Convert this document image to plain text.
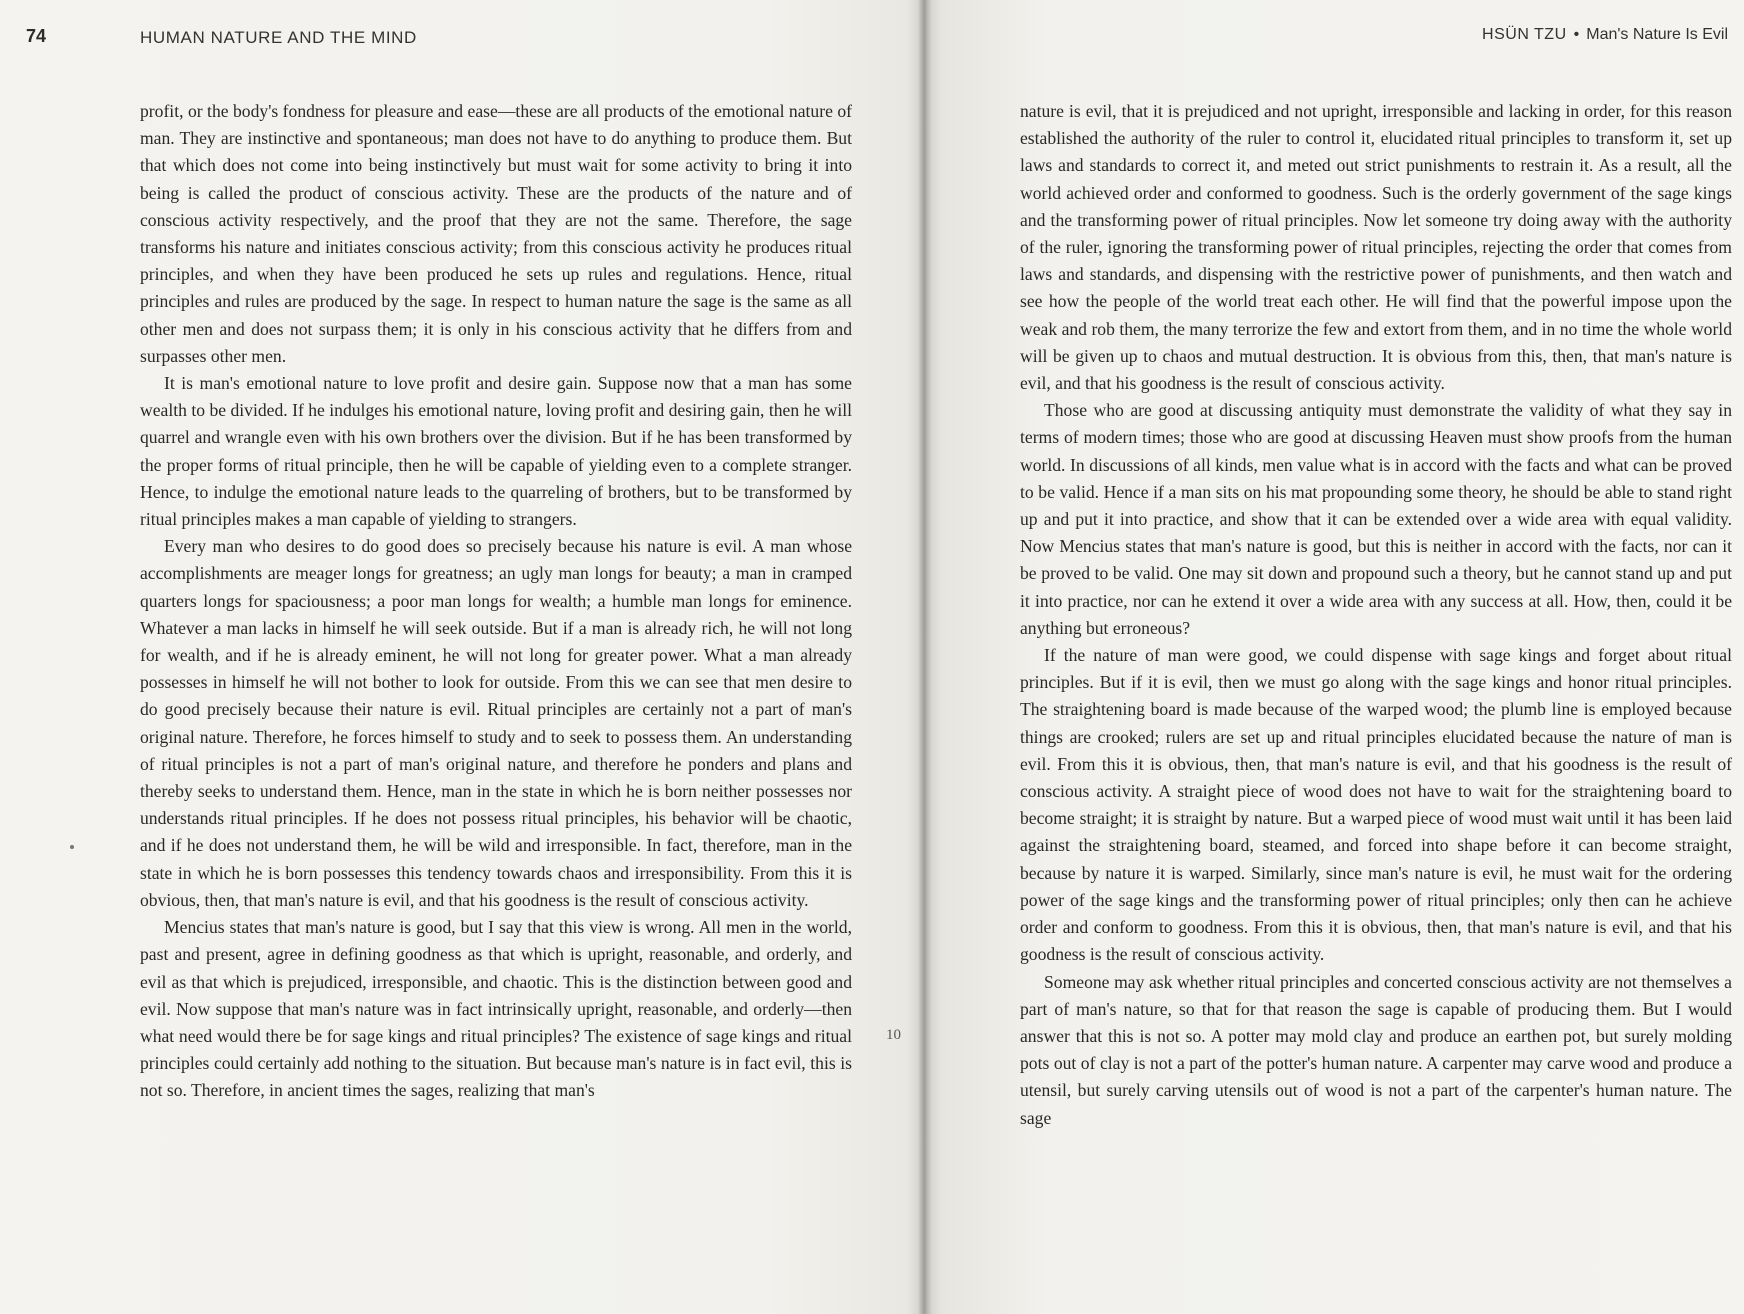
74	HUMAN NATURE AND THE MIND

profit, or the body's fondness for pleasure and ease—these are all products of the emotional nature of man. They are instinctive and spontaneous; man does not have to do anything to produce them. But that which does not come into being instinctively but must wait for some activity to bring it into being is called the product of conscious activity. These are the products of the nature and of conscious activity respectively, and the proof that they are not the same. Therefore, the sage transforms his nature and initiates conscious activity; from this conscious activity he produces ritual principles, and when they have been produced he sets up rules and regulations. Hence, ritual principles and rules are produced by the sage. In respect to human nature the sage is the same as all other men and does not surpass them; it is only in his conscious activity that he differs from and surpasses other men.

It is man's emotional nature to love profit and desire gain. Suppose now that a man has some wealth to be divided. If he indulges his emotional nature, loving profit and desiring gain, then he will quarrel and wrangle even with his own brothers over the division. But if he has been transformed by the proper forms of ritual principle, then he will be capable of yielding even to a complete stranger. Hence, to indulge the emotional nature leads to the quarreling of brothers, but to be transformed by ritual principles makes a man capable of yielding to strangers.

Every man who desires to do good does so precisely because his nature is evil. A man whose accomplishments are meager longs for greatness; an ugly man longs for beauty; a man in cramped quarters longs for spaciousness; a poor man longs for wealth; a humble man longs for eminence. Whatever a man lacks in himself he will seek outside. But if a man is already rich, he will not long for wealth, and if he is already eminent, he will not long for greater power. What a man already possesses in himself he will not bother to look for outside. From this we can see that men desire to do good precisely because their nature is evil. Ritual principles are certainly not a part of man's original nature. Therefore, he forces himself to study and to seek to possess them. An understanding of ritual principles is not a part of man's original nature, and therefore he ponders and plans and thereby seeks to understand them. Hence, man in the state in which he is born neither possesses nor understands ritual principles. If he does not possess ritual principles, his behavior will be chaotic, and if he does not understand them, he will be wild and irresponsible. In fact, therefore, man in the state in which he is born possesses this tendency towards chaos and irresponsibility. From this it is obvious, then, that man's nature is evil, and that his goodness is the result of conscious activity.

Mencius states that man's nature is good, but I say that this view is wrong. All men in the world, past and present, agree in defining goodness as that which is upright, reasonable, and orderly, and evil as that which is prejudiced, irresponsible, and chaotic. This is the distinction between good and evil. Now suppose that man's nature was in fact intrinsically upright, reasonable, and orderly—then what need would there be for sage kings and ritual principles? The existence of sage kings and ritual principles could certainly add nothing to the situation. But because man's nature is in fact evil, this is not so. Therefore, in ancient times the sages, realizing that man's

10
HSÜN TZU • Man's Nature Is Evil

nature is evil, that it is prejudiced and not upright, irresponsible and lacking in order, for this reason established the authority of the ruler to control it, elucidated ritual principles to transform it, set up laws and standards to correct it, and meted out strict punishments to restrain it. As a result, all the world achieved order and conformed to goodness. Such is the orderly government of the sage kings and the transforming power of ritual principles. Now let someone try doing away with the authority of the ruler, ignoring the transforming power of ritual principles, rejecting the order that comes from laws and standards, and dispensing with the restrictive power of punishments, and then watch and see how the people of the world treat each other. He will find that the powerful impose upon the weak and rob them, the many terrorize the few and extort from them, and in no time the whole world will be given up to chaos and mutual destruction. It is obvious from this, then, that man's nature is evil, and that his goodness is the result of conscious activity.

Those who are good at discussing antiquity must demonstrate the validity of what they say in terms of modern times; those who are good at discussing Heaven must show proofs from the human world. In discussions of all kinds, men value what is in accord with the facts and what can be proved to be valid. Hence if a man sits on his mat propounding some theory, he should be able to stand right up and put it into practice, and show that it can be extended over a wide area with equal validity. Now Mencius states that man's nature is good, but this is neither in accord with the facts, nor can it be proved to be valid. One may sit down and propound such a theory, but he cannot stand up and put it into practice, nor can he extend it over a wide area with any success at all. How, then, could it be anything but erroneous?

If the nature of man were good, we could dispense with sage kings and forget about ritual principles. But if it is evil, then we must go along with the sage kings and honor ritual principles. The straightening board is made because of the warped wood; the plumb line is employed because things are crooked; rulers are set up and ritual principles elucidated because the nature of man is evil. From this it is obvious, then, that man's nature is evil, and that his goodness is the result of conscious activity. A straight piece of wood does not have to wait for the straightening board to become straight; it is straight by nature. But a warped piece of wood must wait until it has been laid against the straightening board, steamed, and forced into shape before it can become straight, because by nature it is warped. Similarly, since man's nature is evil, he must wait for the ordering power of the sage kings and the transforming power of ritual principles; only then can he achieve order and conform to goodness. From this it is obvious, then, that man's nature is evil, and that his goodness is the result of conscious activity.

Someone may ask whether ritual principles and concerted conscious activity are not themselves a part of man's nature, so that for that reason the sage is capable of producing them. But I would answer that this is not so. A potter may mold clay and produce an earthen pot, but surely molding pots out of clay is not a part of the potter's human nature. A carpenter may carve wood and produce a utensil, but surely carving utensils out of wood is not a part of the carpenter's human nature. The sage
